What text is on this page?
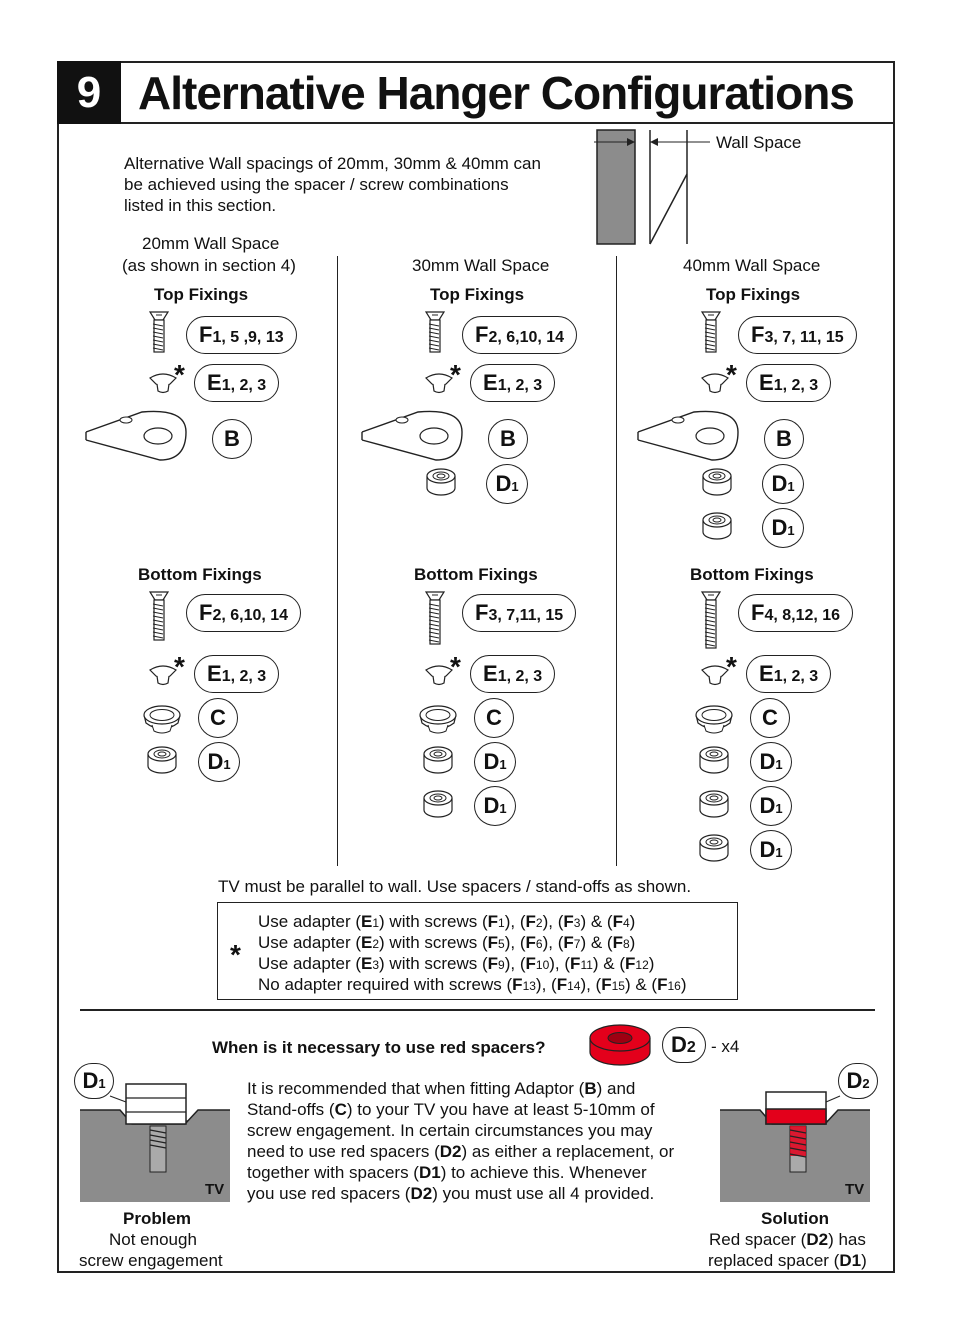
9 Alternative Hanger Configurations
Alternative Wall spacings of 20mm, 30mm & 40mm can
be achieved using the spacer / screw combinations
listed in this section.
Wall Space
20mm Wall Space
(as shown in section 4)	30mm Wall Space	40mm Wall Space
Top Fixings
F1, 5 ,9, 13
*	E1, 2, 3
B
Bottom Fixings
F2, 6,10, 14
*	E1, 2, 3
C
D1
Top Fixings
F2, 6,10, 14
*	E1, 2, 3
B
D1
Bottom Fixings
F3, 7,11, 15
*	E1, 2, 3
C
D1
D1
Top Fixings
F3, 7, 11, 15
*	E1, 2, 3
B
D1
D1
Bottom Fixings
F4, 8,12, 16
*	E1, 2, 3
C
D1
D1
D1
TV must be parallel to wall. Use spacers / stand-offs as shown.
*
Use adapter (E1) with screws (F1), (F2), (F3) & (F4)
Use adapter (E2) with screws (F5), (F6), (F7) & (F8)
Use adapter (E3) with screws (F9), (F10), (F11) & (F12)
No adapter required with screws (F13), (F14), (F15) & (F16)
When is it necessary to use red spacers?	D2 - x4
TV
D1	It is recommended that when fitting Adaptor (B) and
Stand-offs (C) to your TV you have at least 5-10mm of
screw engagement. In certain circumstances you may
need to use red spacers (D2) as either a replacement, or
together with spacers (D1) to achieve this. Whenever
you use red spacers (D2) you must use all 4 provided.	TV
D2
Problem
Not enough
screw engagement
Solution
Red spacer (D2) has
replaced spacer (D1)
